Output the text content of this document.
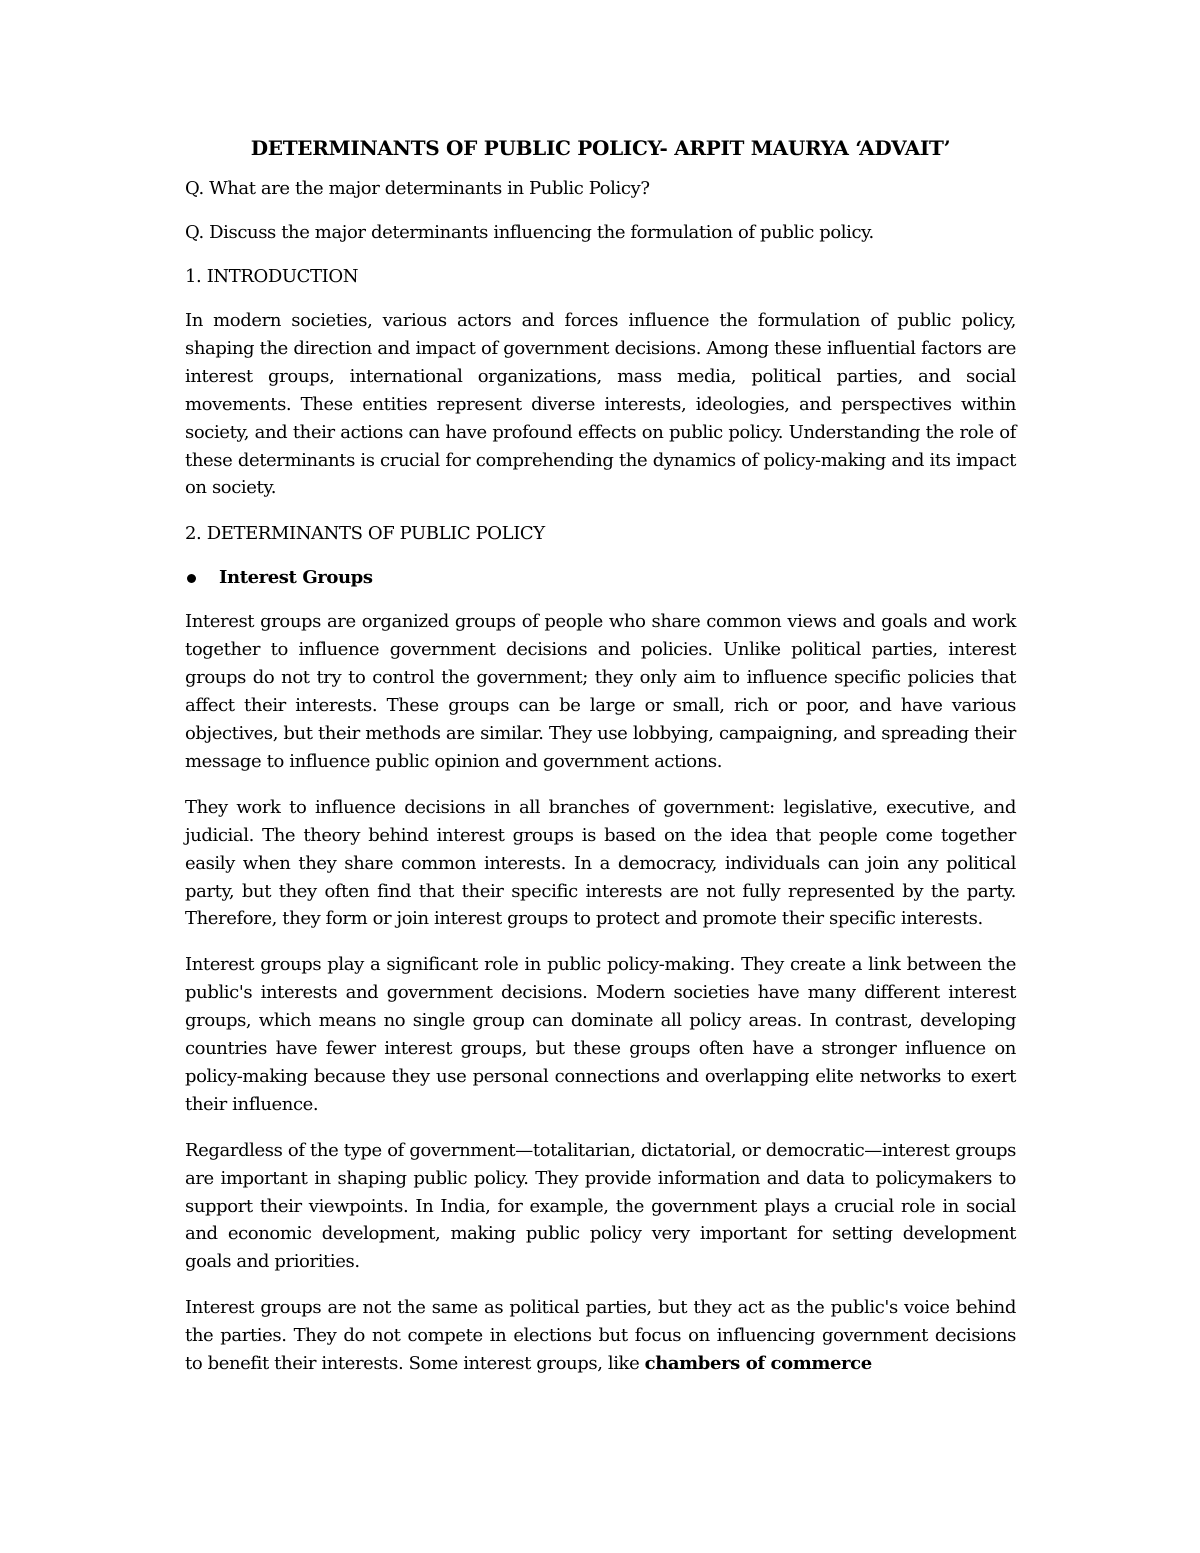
DETERMINANTS OF PUBLIC POLICY- ARPIT MAURYA ‘ADVAIT’

Q. What are the major determinants in Public Policy?

Q. Discuss the major determinants influencing the formulation of public policy.

1. INTRODUCTION

In modern societies, various actors and forces influence the formulation of public policy, shaping the direction and impact of government decisions. Among these influential factors are interest groups, international organizations, mass media, political parties, and social movements. These entities represent diverse interests, ideologies, and perspectives within society, and their actions can have profound effects on public policy. Understanding the role of these determinants is crucial for comprehending the dynamics of policy-making and its impact on society.

2. DETERMINANTS OF PUBLIC POLICY

Interest Groups

Interest groups are organized groups of people who share common views and goals and work together to influence government decisions and policies. Unlike political parties, interest groups do not try to control the government; they only aim to influence specific policies that affect their interests. These groups can be large or small, rich or poor, and have various objectives, but their methods are similar. They use lobbying, campaigning, and spreading their message to influence public opinion and government actions.

They work to influence decisions in all branches of government: legislative, executive, and judicial. The theory behind interest groups is based on the idea that people come together easily when they share common interests. In a democracy, individuals can join any political party, but they often find that their specific interests are not fully represented by the party. Therefore, they form or join interest groups to protect and promote their specific interests.

Interest groups play a significant role in public policy-making. They create a link between the public's interests and government decisions. Modern societies have many different interest groups, which means no single group can dominate all policy areas. In contrast, developing countries have fewer interest groups, but these groups often have a stronger influence on policy-making because they use personal connections and overlapping elite networks to exert their influence.

Regardless of the type of government—totalitarian, dictatorial, or democratic—interest groups are important in shaping public policy. They provide information and data to policymakers to support their viewpoints. In India, for example, the government plays a crucial role in social and economic development, making public policy very important for setting development goals and priorities.

Interest groups are not the same as political parties, but they act as the public's voice behind the parties. They do not compete in elections but focus on influencing government decisions to benefit their interests. Some interest groups, like chambers of commerce
